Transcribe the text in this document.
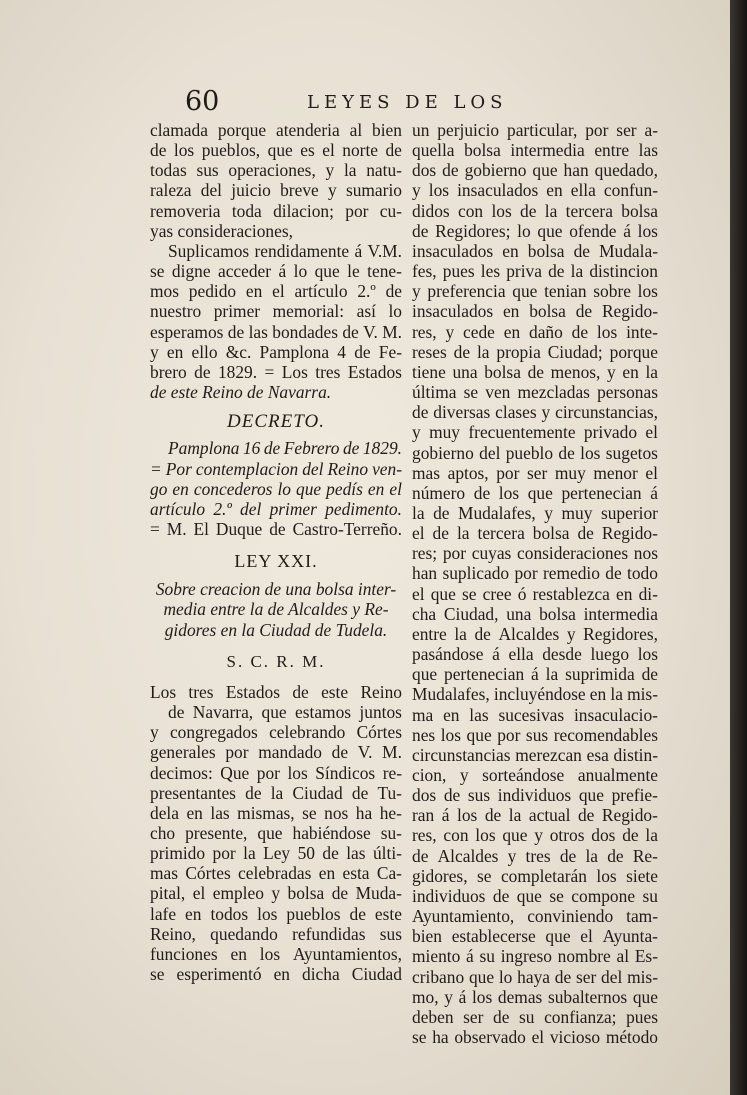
60	LEYES DE LOS
clamada porque atenderia al bien
de los pueblos, que es el norte de
todas sus operaciones, y la natu-
raleza del juicio breve y sumario
removeria toda dilacion; por cu-
yas consideraciones,
Suplicamos rendidamente á V.M.
se digne acceder á lo que le tene-
mos pedido en el artículo 2.º de
nuestro primer memorial: así lo
esperamos de las bondades de V. M.
y en ello &c. Pamplona 4 de Fe-
brero de 1829. = Los tres Estados
de este Reino de Navarra.
DECRETO.
Pamplona 16 de Febrero de 1829.
= Por contemplacion del Reino ven-
go en concederos lo que pedís en el
artículo 2.º del primer pedimento.
= M. El Duque de Castro-Terreño.
LEY XXI.
Sobre creacion de una bolsa inter-
media entre la de Alcaldes y Re-
gidores en la Ciudad de Tudela.
S. C. R. M.
Los tres Estados de este Reino
de Navarra, que estamos juntos
y congregados celebrando Córtes
generales por mandado de V. M.
decimos: Que por los Síndicos re-
presentantes de la Ciudad de Tu-
dela en las mismas, se nos ha he-
cho presente, que habiéndose su-
primido por la Ley 50 de las últi-
mas Córtes celebradas en esta Ca-
pital, el empleo y bolsa de Muda-
lafe en todos los pueblos de este
Reino, quedando refundidas sus
funciones en los Ayuntamientos,
se esperimentó en dicha Ciudad
un perjuicio particular, por ser a-
quella bolsa intermedia entre las
dos de gobierno que han quedado,
y los insaculados en ella confun-
didos con los de la tercera bolsa
de Regidores; lo que ofende á los
insaculados en bolsa de Mudala-
fes, pues les priva de la distincion
y preferencia que tenian sobre los
insaculados en bolsa de Regido-
res, y cede en daño de los inte-
reses de la propia Ciudad; porque
tiene una bolsa de menos, y en la
última se ven mezcladas personas
de diversas clases y circunstancias,
y muy frecuentemente privado el
gobierno del pueblo de los sugetos
mas aptos, por ser muy menor el
número de los que pertenecian á
la de Mudalafes, y muy superior
el de la tercera bolsa de Regido-
res; por cuyas consideraciones nos
han suplicado por remedio de todo
el que se cree ó restablezca en di-
cha Ciudad, una bolsa intermedia
entre la de Alcaldes y Regidores,
pasándose á ella desde luego los
que pertenecian á la suprimida de
Mudalafes, incluyéndose en la mis-
ma en las sucesivas insaculacio-
nes los que por sus recomendables
circunstancias merezcan esa distin-
cion, y sorteándose anualmente
dos de sus individuos que prefie-
ran á los de la actual de Regido-
res, con los que y otros dos de la
de Alcaldes y tres de la de Re-
gidores, se completarán los siete
individuos de que se compone su
Ayuntamiento, conviniendo tam-
bien establecerse que el Ayunta-
miento á su ingreso nombre al Es-
cribano que lo haya de ser del mis-
mo, y á los demas subalternos que
deben ser de su confianza; pues
se ha observado el vicioso método
